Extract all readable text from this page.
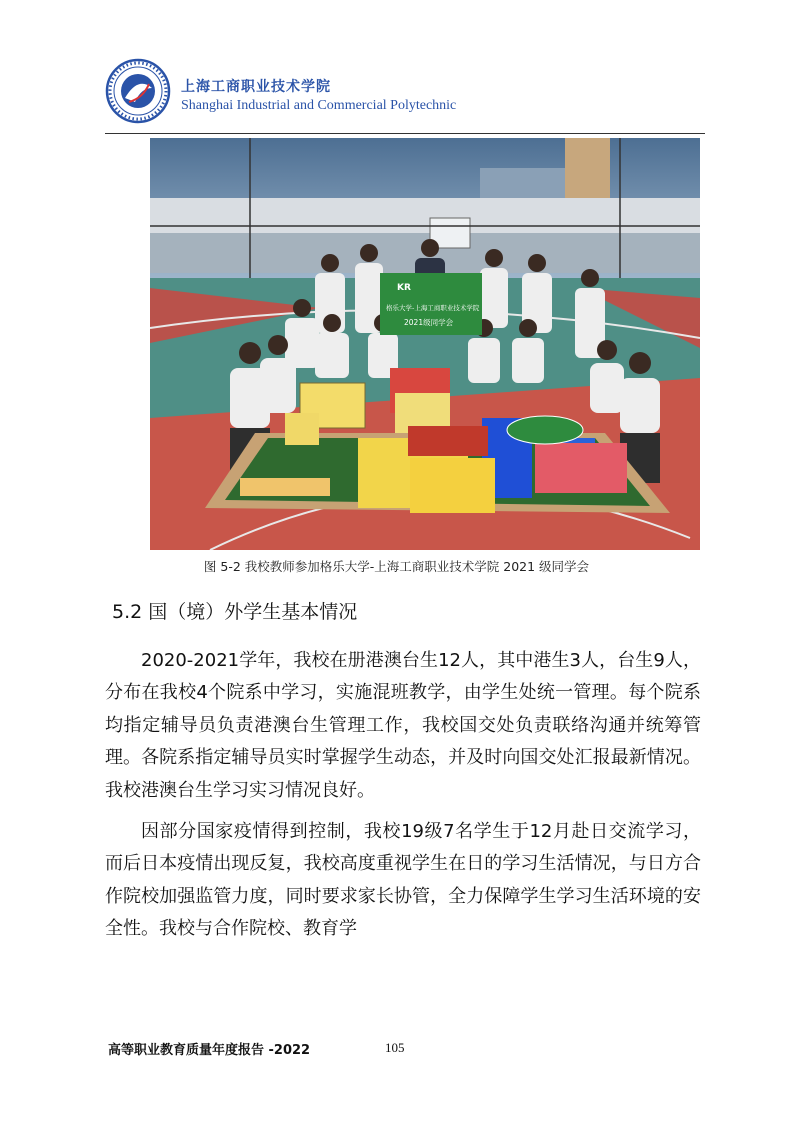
上海工商职业技术学院
Shanghai Industrial and Commercial Polytechnic
KR
格乐大学-上海工商职业技术学院
2021级同学会
图 5-2 我校教师参加格乐大学-上海工商职业技术学院 2021 级同学会
5.2 国（境）外学生基本情况

2020-2021学年，我校在册港澳台生12人，其中港生3人，台生9人，分布在我校4个院系中学习，实施混班教学，由学生处统一管理。每个院系均指定辅导员负责港澳台生管理工作，我校国交处负责联络沟通并统筹管理。各院系指定辅导员实时掌握学生动态，并及时向国交处汇报最新情况。我校港澳台生学习实习情况良好。

因部分国家疫情得到控制，我校19级7名学生于12月赴日交流学习，而后日本疫情出现反复，我校高度重视学生在日的学习生活情况，与日方合作院校加强监管力度，同时要求家长协管，全力保障学生学习生活环境的安全性。我校与合作院校、教育学

高等职业教育质量年度报告 -2022	105
